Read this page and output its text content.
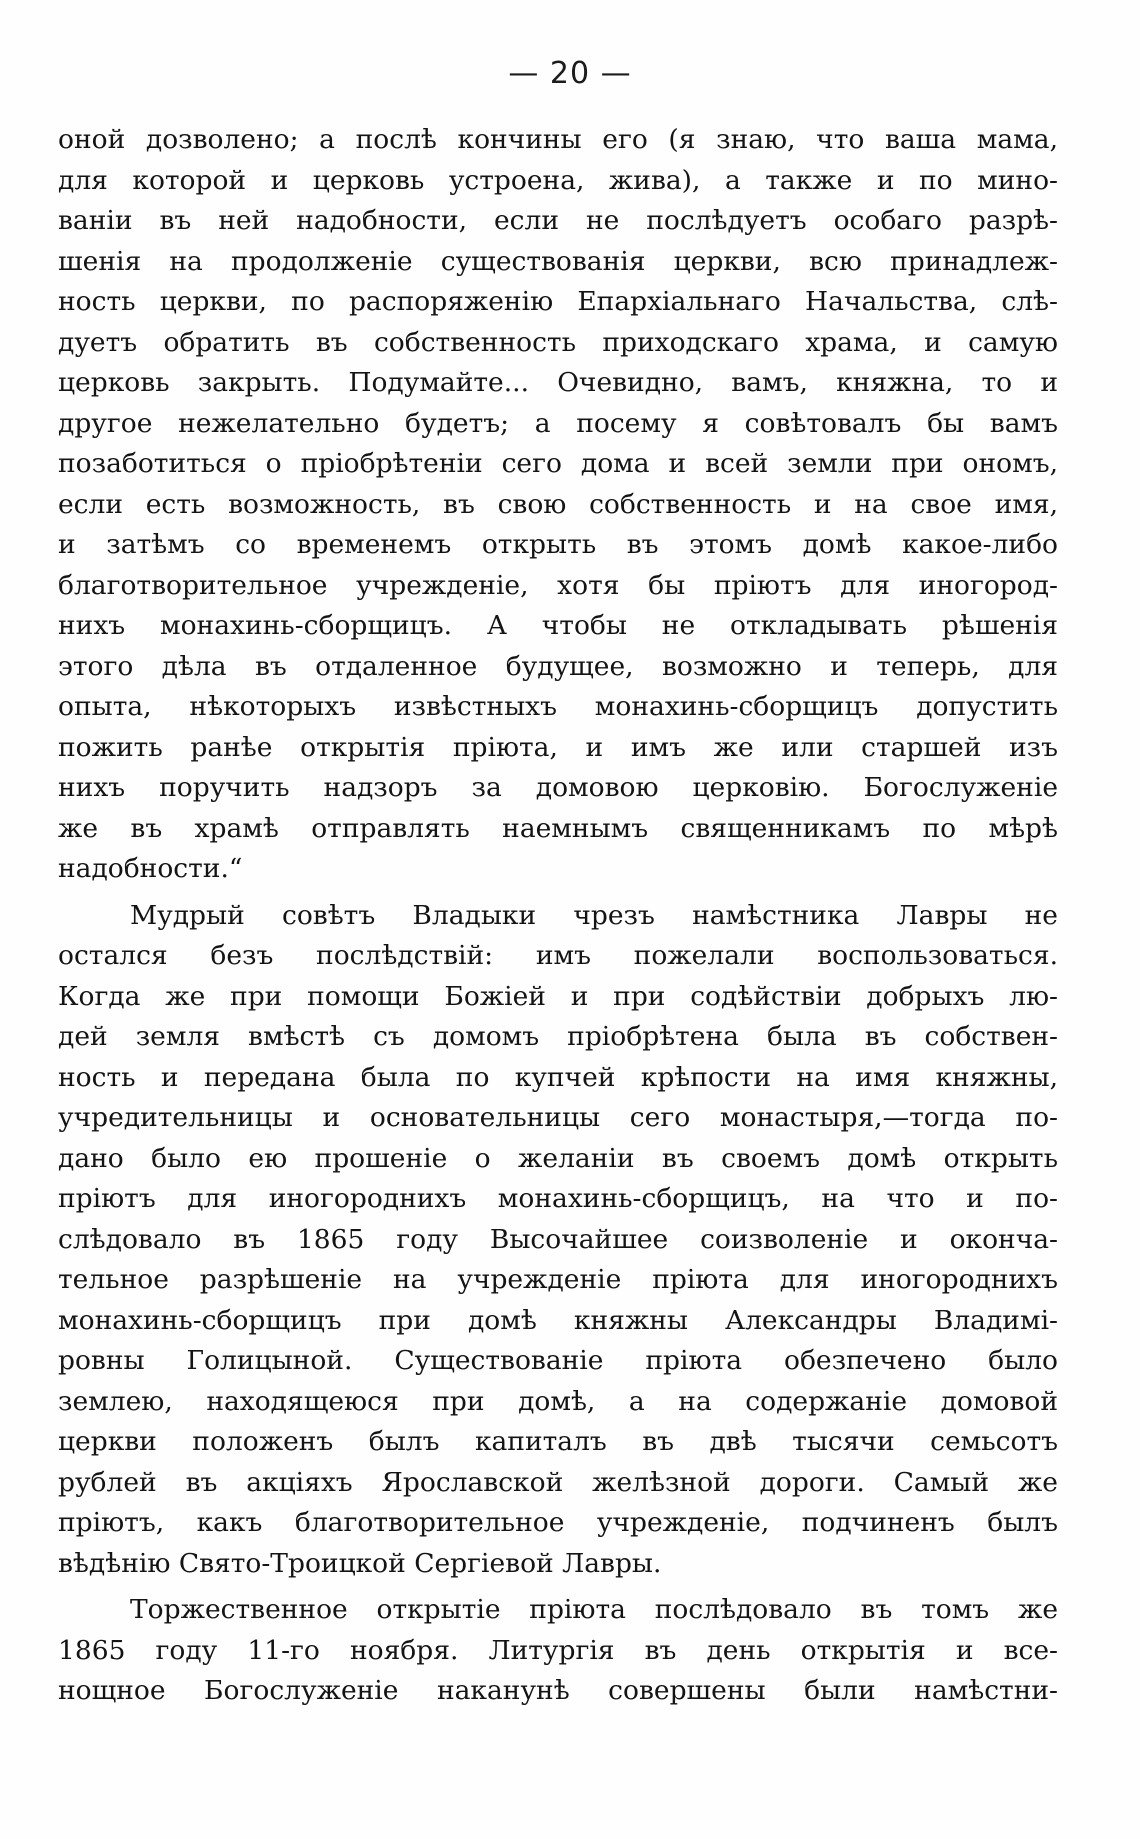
— 20 —
оной дозволено; а послѣ кончины его (я знаю, что ваша мама,
для которой и церковь устроена, жива), а также и по мино-
ваніи въ ней надобности, если не послѣдуетъ особаго разрѣ-
шенія на продолженіе существованія церкви, всю принадлеж-
ность церкви, по распоряженію Епархіальнаго Начальства, слѣ-
дуетъ обратить въ собственность приходскаго храма, и самую
церковь закрыть. Подумайте... Очевидно, вамъ, княжна, то и
другое нежелательно будетъ; а посему я совѣтовалъ бы вамъ
позаботиться о пріобрѣтеніи сего дома и всей земли при ономъ,
если есть возможность, въ свою собственность и на свое имя,
и затѣмъ со временемъ открыть въ этомъ домѣ какое-либо
благотворительное учрежденіе, хотя бы пріютъ для иногород-
нихъ монахинь-сборщицъ. А чтобы не откладывать рѣшенія
этого дѣла въ отдаленное будущее, возможно и теперь, для
опыта, нѣкоторыхъ извѣстныхъ монахинь-сборщицъ допустить
пожить ранѣе открытія пріюта, и имъ же или старшей изъ
нихъ поручить надзоръ за домовою церковію. Богослуженіе
же въ храмѣ отправлять наемнымъ священникамъ по мѣрѣ
надобности.“
Мудрый совѣтъ Владыки чрезъ намѣстника Лавры не
остался безъ послѣдствій: имъ пожелали воспользоваться.
Когда же при помощи Божіей и при содѣйствіи добрыхъ лю-
дей земля вмѣстѣ съ домомъ пріобрѣтена была въ собствен-
ность и передана была по купчей крѣпости на имя княжны,
учредительницы и основательницы сего монастыря,—тогда по-
дано было ею прошеніе о желаніи въ своемъ домѣ открыть
пріютъ для иногороднихъ монахинь-сборщицъ, на что и по-
слѣдовало въ 1865 году Высочайшее соизволеніе и оконча-
тельное разрѣшеніе на учрежденіе пріюта для иногороднихъ
монахинь-сборщицъ при домѣ княжны Александры Владимі-
ровны Голицыной. Существованіе пріюта обезпечено было
землею, находящеюся при домѣ, а на содержаніе домовой
церкви положенъ былъ капиталъ въ двѣ тысячи семьсотъ
рублей въ акціяхъ Ярославской желѣзной дороги. Самый же
пріютъ, какъ благотворительное учрежденіе, подчиненъ былъ
вѣдѣнію Свято-Троицкой Сергіевой Лавры.
Торжественное открытіе пріюта послѣдовало въ томъ же
1865 году 11-го ноября. Литургія въ день открытія и все-
нощное Богослуженіе наканунѣ совершены были намѣстни-
